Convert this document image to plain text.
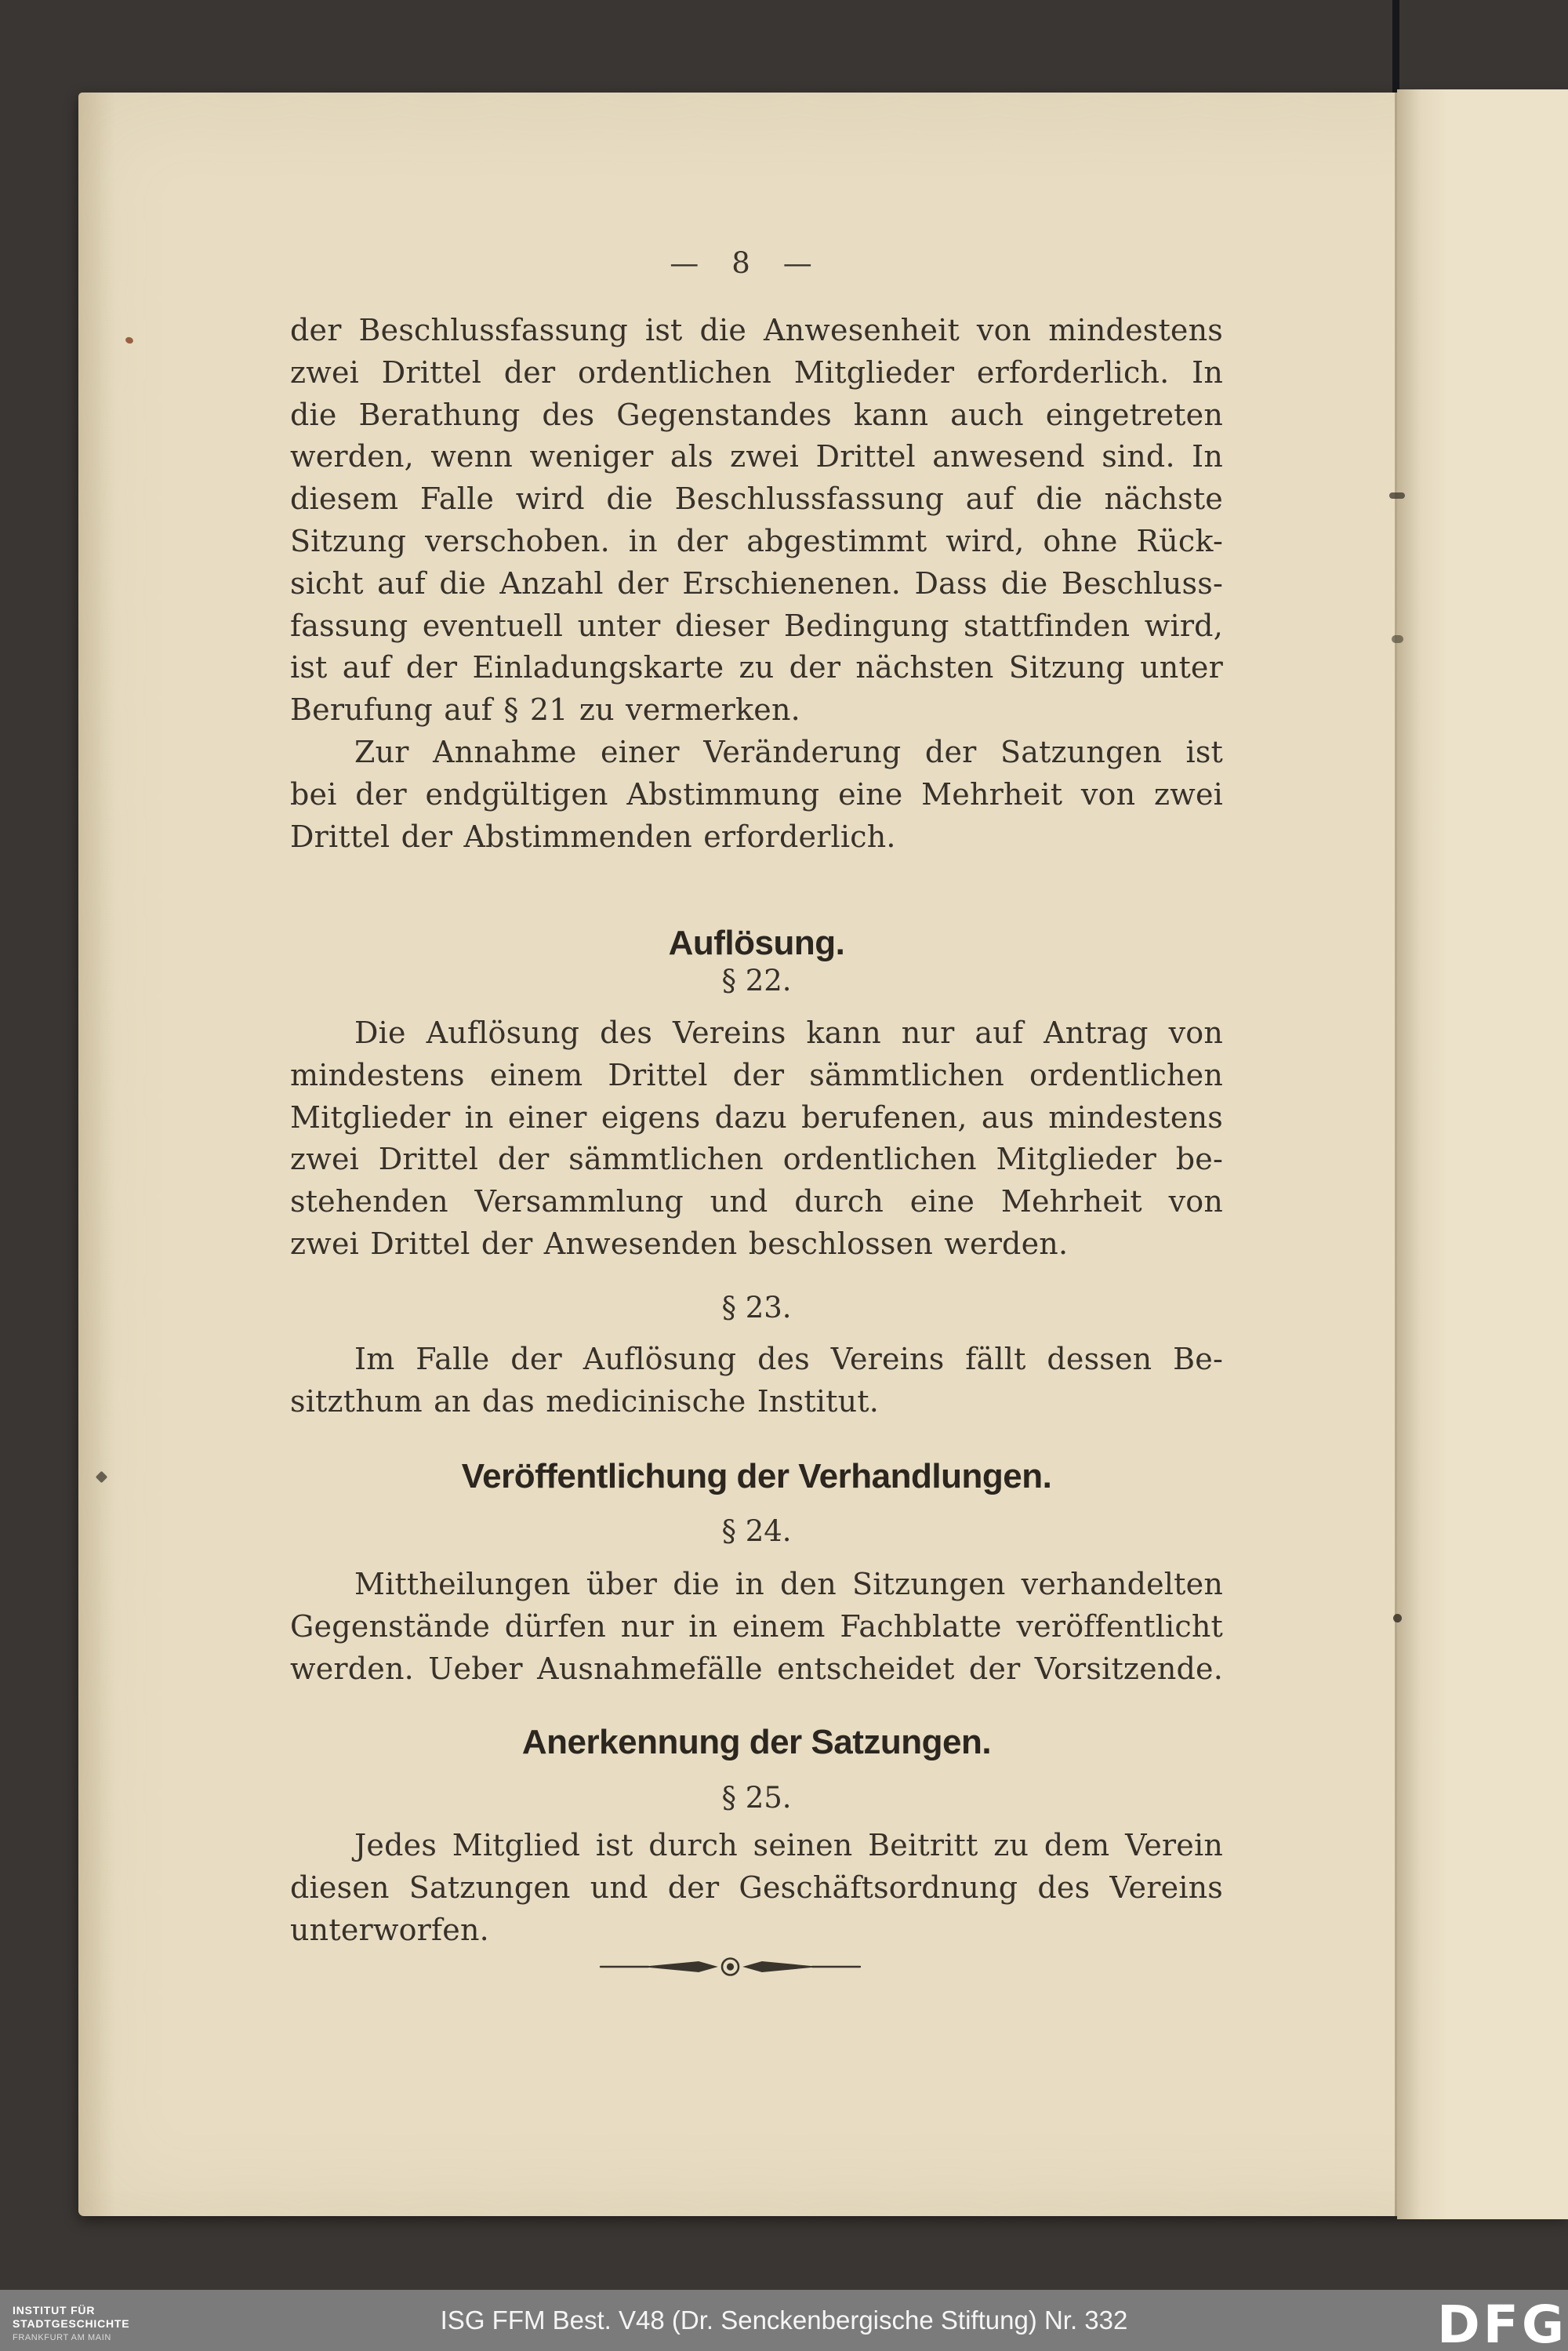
— 8 —
der Beschlussfassung ist die Anwesenheit von mindestens
zwei Drittel der ordentlichen Mitglieder erforderlich. In
die Berathung des Gegenstandes kann auch eingetreten
werden, wenn weniger als zwei Drittel anwesend sind. In
diesem Falle wird die Beschlussfassung auf die nächste
Sitzung verschoben. in der abgestimmt wird, ohne Rück-
sicht auf die Anzahl der Erschienenen. Dass die Beschluss-
fassung eventuell unter dieser Bedingung stattfinden wird,
ist auf der Einladungskarte zu der nächsten Sitzung unter
Berufung auf § 21 zu vermerken.
Zur Annahme einer Veränderung der Satzungen ist
bei der endgültigen Abstimmung eine Mehrheit von zwei
Drittel der Abstimmenden erforderlich.
Auflösung.
§ 22.
Die Auflösung des Vereins kann nur auf Antrag von
mindestens einem Drittel der sämmtlichen ordentlichen
Mitglieder in einer eigens dazu berufenen, aus mindestens
zwei Drittel der sämmtlichen ordentlichen Mitglieder be-
stehenden Versammlung und durch eine Mehrheit von
zwei Drittel der Anwesenden beschlossen werden.
§ 23.
Im Falle der Auflösung des Vereins fällt dessen Be-
sitzthum an das medicinische Institut.
Veröffentlichung der Verhandlungen.
§ 24.
Mittheilungen über die in den Sitzungen verhandelten
Gegenstände dürfen nur in einem Fachblatte veröffentlicht
werden. Ueber Ausnahmefälle entscheidet der Vorsitzende.
Anerkennung der Satzungen.
§ 25.
Jedes Mitglied ist durch seinen Beitritt zu dem Verein
diesen Satzungen und der Geschäftsordnung des Vereins
unterworfen.
INSTITUT FÜR
STADTGESCHICHTE
FRANKFURT AM MAIN
ISG FFM Best. V48 (Dr. Senckenbergische Stiftung) Nr. 332	DFG
